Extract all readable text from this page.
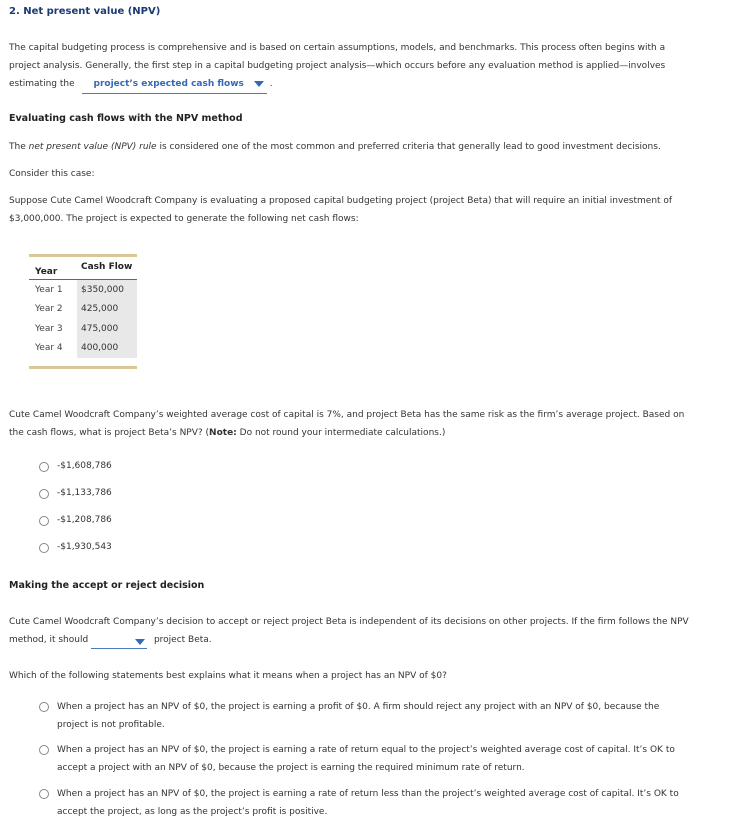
2. Net present value (NPV)
The capital budgeting process is comprehensive and is based on certain assumptions, models, and benchmarks. This process often begins with a
project analysis. Generally, the first step in a capital budgeting project analysis—which occurs before any evaluation method is applied—involves
estimating the project’s expected cash flows	.
Evaluating cash flows with the NPV method
The net present value (NPV) rule is considered one of the most common and preferred criteria that generally lead to good investment decisions.
Consider this case:
Suppose Cute Camel Woodcraft Company is evaluating a proposed capital budgeting project (project Beta) that will require an initial investment of
$3,000,000. The project is expected to generate the following net cash flows:
Year	Cash Flow
Year 1	$350,000
Year 2	425,000
Year 3	475,000
Year 4	400,000
Cute Camel Woodcraft Company’s weighted average cost of capital is 7%, and project Beta has the same risk as the firm’s average project. Based on
the cash flows, what is project Beta’s NPV? (Note: Do not round your intermediate calculations.)
-$1,608,786
-$1,133,786
-$1,208,786
-$1,930,543
Making the accept or reject decision
Cute Camel Woodcraft Company’s decision to accept or reject project Beta is independent of its decisions on other projects. If the firm follows the NPV
method, it should	project Beta.
Which of the following statements best explains what it means when a project has an NPV of $0?
When a project has an NPV of $0, the project is earning a profit of $0. A firm should reject any project with an NPV of $0, because the
project is not profitable.
When a project has an NPV of $0, the project is earning a rate of return equal to the project’s weighted average cost of capital. It’s OK to
accept a project with an NPV of $0, because the project is earning the required minimum rate of return.
When a project has an NPV of $0, the project is earning a rate of return less than the project’s weighted average cost of capital. It’s OK to
accept the project, as long as the project’s profit is positive.
